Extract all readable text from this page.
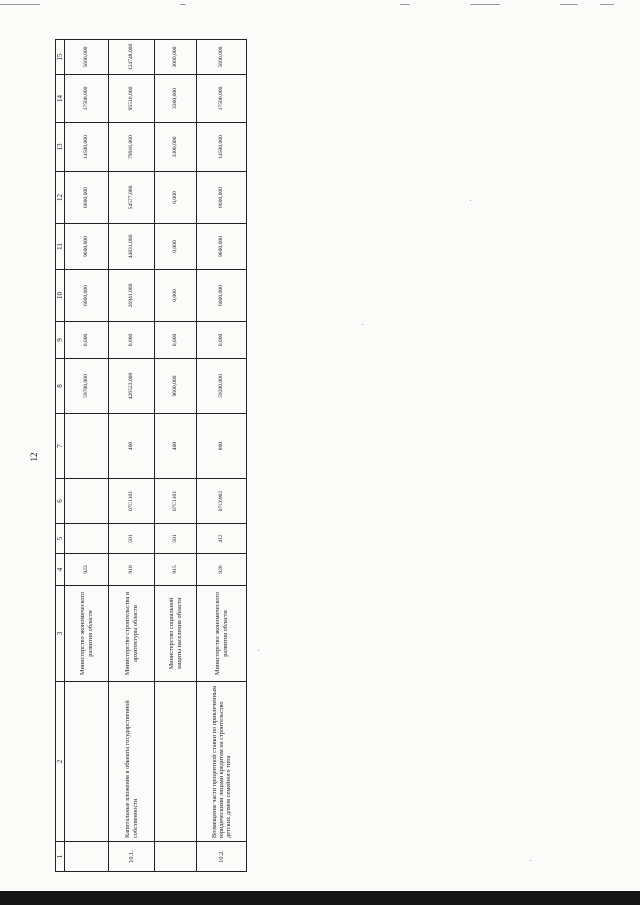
12
1	2	3	4	5	6	7	8	9	10	11	12	13	14	15
		Министерство экономического развития области	923				59700,000	0,000	6000,000	9600,000	6600,000	14500,000	17500,000	5600,000
10.1.	Капитальные вложения в объекты государственной собственности	Министерство строительства и архитектуры области	910	501	07С1101	400	426523,000	0,000	26941,000	44831,000	54577,000	79916,000	95510,000	124748,000
		Министерство социальной защиты населения области	915	501	07С1101	400	9600,000	0,000	0,000	0,000	0,000	3300,000	3300,000	3000,000
10.2.	Возмещение части процентной ставки по привлеченным юридическими лицами кредитам на строительство детских домов семейного типа	Министерство экономического развития области	926	412	07С6902	800	59200,000	0,000	6000,000	9600,000	6600,000	14500,000	17500,000	5600,000
